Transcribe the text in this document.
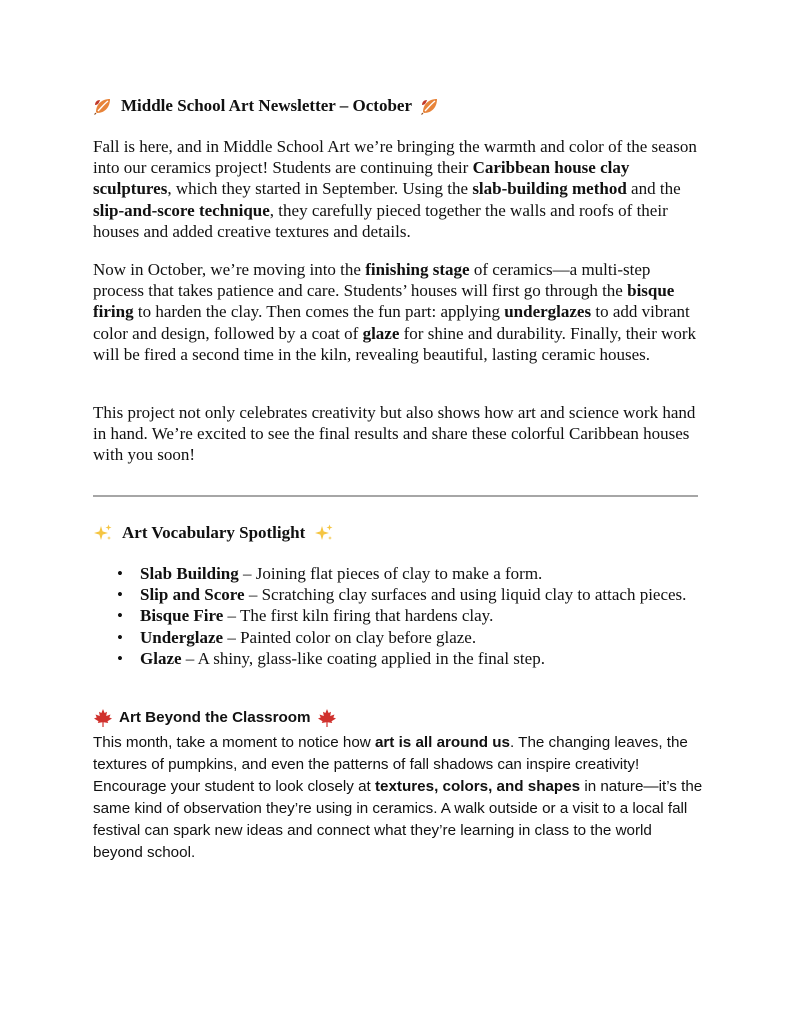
Middle School Art Newsletter – October

Fall is here, and in Middle School Art we’re bringing the warmth and color of the season into our ceramics project! Students are continuing their Caribbean house clay sculptures, which they started in September. Using the slab-building method and the slip-and-score technique, they carefully pieced together the walls and roofs of their houses and added creative textures and details.

Now in October, we’re moving into the finishing stage of ceramics—a multi-step process that takes patience and care. Students’ houses will first go through the bisque firing to harden the clay. Then comes the fun part: applying underglazes to add vibrant color and design, followed by a coat of glaze for shine and durability. Finally, their work will be fired a second time in the kiln, revealing beautiful, lasting ceramic houses.

This project not only celebrates creativity but also shows how art and science work hand in hand. We’re excited to see the final results and share these colorful Caribbean houses with you soon!

Art Vocabulary Spotlight
• Slab Building – Joining flat pieces of clay to make a form.
• Slip and Score – Scratching clay surfaces and using liquid clay to attach pieces.
• Bisque Fire – The first kiln firing that hardens clay.
• Underglaze – Painted color on clay before glaze.
• Glaze – A shiny, glass-like coating applied in the final step.
Art Beyond the Classroom

This month, take a moment to notice how art is all around us. The changing leaves, the textures of pumpkins, and even the patterns of fall shadows can inspire creativity! Encourage your student to look closely at textures, colors, and shapes in nature—it’s the same kind of observation they’re using in ceramics. A walk outside or a visit to a local fall festival can spark new ideas and connect what they’re learning in class to the world beyond school.
